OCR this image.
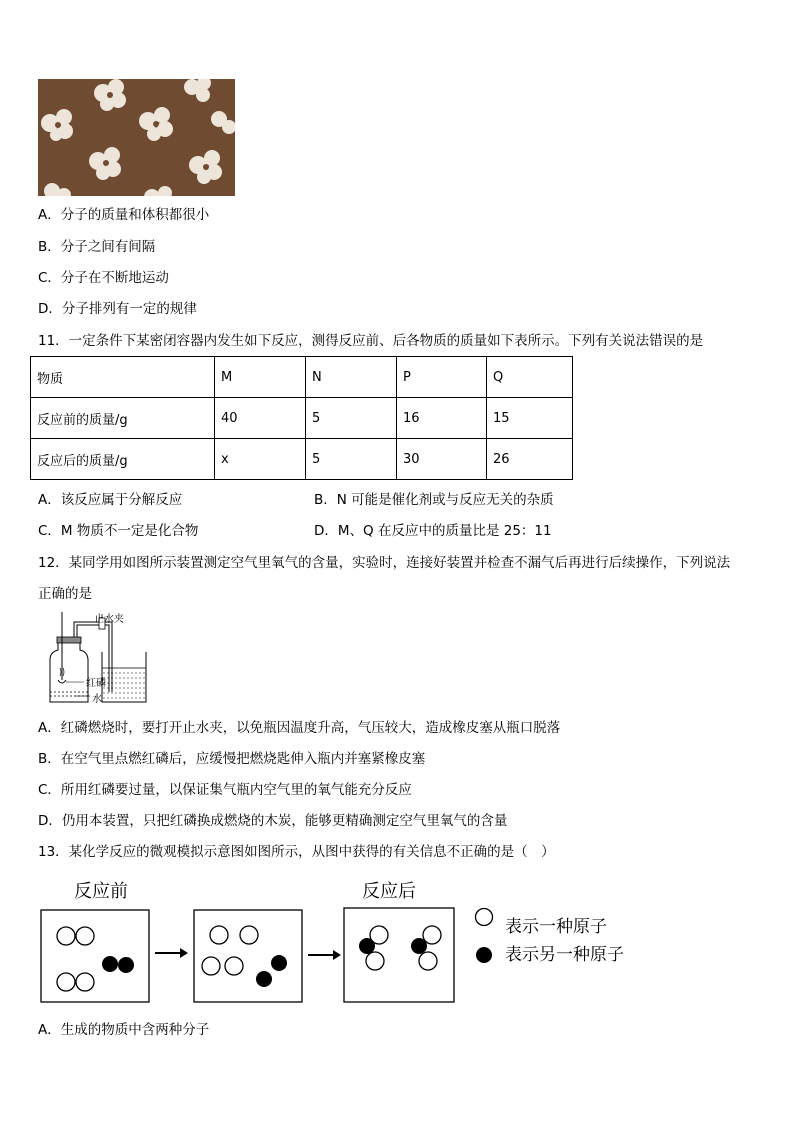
A．分子的质量和体积都很小
B．分子之间有间隔
C．分子在不断地运动
D．分子排列有一定的规律
11．一定条件下某密闭容器内发生如下反应，测得反应前、后各物质的质量如下表所示。下列有关说法错误的是
物质	M	N	P	Q
反应前的质量/g	40	5	16	15
反应后的质量/g	x	5	30	26
A．该反应属于分解反应	B．N 可能是催化剂或与反应无关的杂质
C．M 物质不一定是化合物	D．M、Q 在反应中的质量比是 25：11
12．某同学用如图所示装置测定空气里氧气的含量，实验时，连接好装置并检查不漏气后再进行后续操作，下列说法
正确的是
止水夹
红磷
水
A．红磷燃烧时，要打开止水夹，以免瓶因温度升高，气压较大，造成橡皮塞从瓶口脱落
B．在空气里点燃红磷后，应缓慢把燃烧匙伸入瓶内并塞紧橡皮塞
C．所用红磷要过量，以保证集气瓶内空气里的氧气能充分反应
D．仍用本装置，只把红磷换成燃烧的木炭，能够更精确测定空气里氧气的含量
13．某化学反应的微观模拟示意图如图所示，从图中获得的有关信息不正确的是（　）
反应前	反应后
表示一种原子
表示另一种原子
A．生成的物质中含两种分子
